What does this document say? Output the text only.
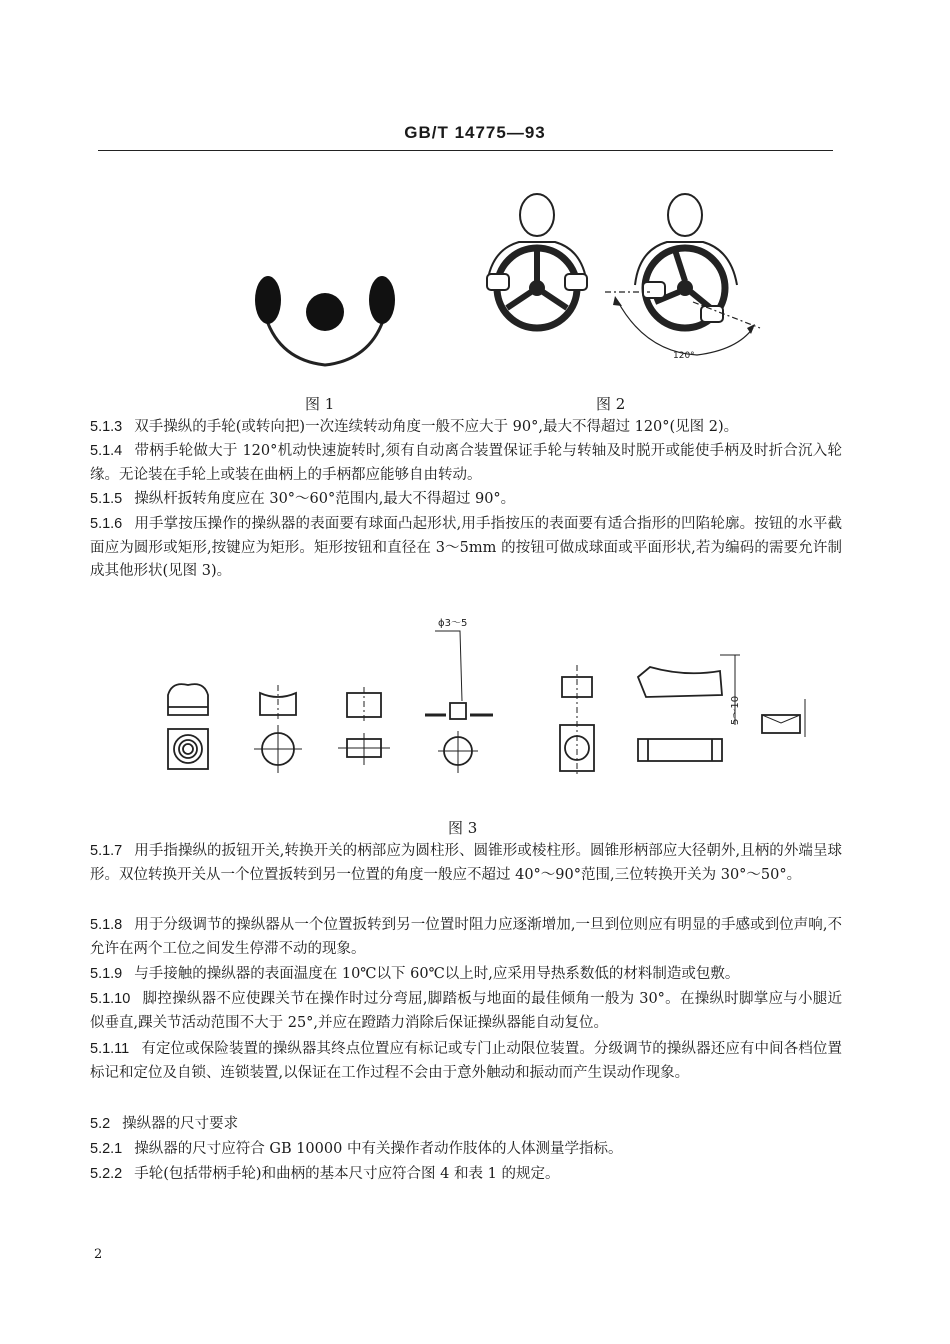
GB/T 14775—93
图 1
120°
图 2
5.1.3 双手操纵的手轮(或转向把)一次连续转动角度一般不应大于 90°,最大不得超过 120°(见图 2)。
5.1.4 带柄手轮做大于 120°机动快速旋转时,须有自动离合装置保证手轮与转轴及时脱开或能使手柄及时折合沉入轮缘。无论装在手轮上或装在曲柄上的手柄都应能够自由转动。
5.1.5 操纵杆扳转角度应在 30°～60°范围内,最大不得超过 90°。
5.1.6 用手掌按压操作的操纵器的表面要有球面凸起形状,用手指按压的表面要有适合指形的凹陷轮廓。按钮的水平截面应为圆形或矩形,按键应为矩形。矩形按钮和直径在 3～5mm 的按钮可做成球面或平面形状,若为编码的需要允许制成其他形状(见图 3)。
ϕ3～5
5～10
图 3
5.1.7 用手指操纵的扳钮开关,转换开关的柄部应为圆柱形、圆锥形或棱柱形。圆锥形柄部应大径朝外,且柄的外端呈球形。双位转换开关从一个位置扳转到另一位置的角度一般应不超过 40°～90°范围,三位转换开关为 30°～50°。
5.1.8 用于分级调节的操纵器从一个位置扳转到另一位置时阻力应逐渐增加,一旦到位则应有明显的手感或到位声响,不允许在两个工位之间发生停滞不动的现象。
5.1.9 与手接触的操纵器的表面温度在 10℃以下 60℃以上时,应采用导热系数低的材料制造或包敷。
5.1.10 脚控操纵器不应使踝关节在操作时过分弯屈,脚踏板与地面的最佳倾角一般为 30°。在操纵时脚掌应与小腿近似垂直,踝关节活动范围不大于 25°,并应在蹬踏力消除后保证操纵器能自动复位。
5.1.11 有定位或保险装置的操纵器其终点位置应有标记或专门止动限位装置。分级调节的操纵器还应有中间各档位置标记和定位及自锁、连锁装置,以保证在工作过程不会由于意外触动和振动而产生误动作现象。
5.2 操纵器的尺寸要求
5.2.1 操纵器的尺寸应符合 GB 10000 中有关操作者动作肢体的人体测量学指标。
5.2.2 手轮(包括带柄手轮)和曲柄的基本尺寸应符合图 4 和表 1 的规定。
2
